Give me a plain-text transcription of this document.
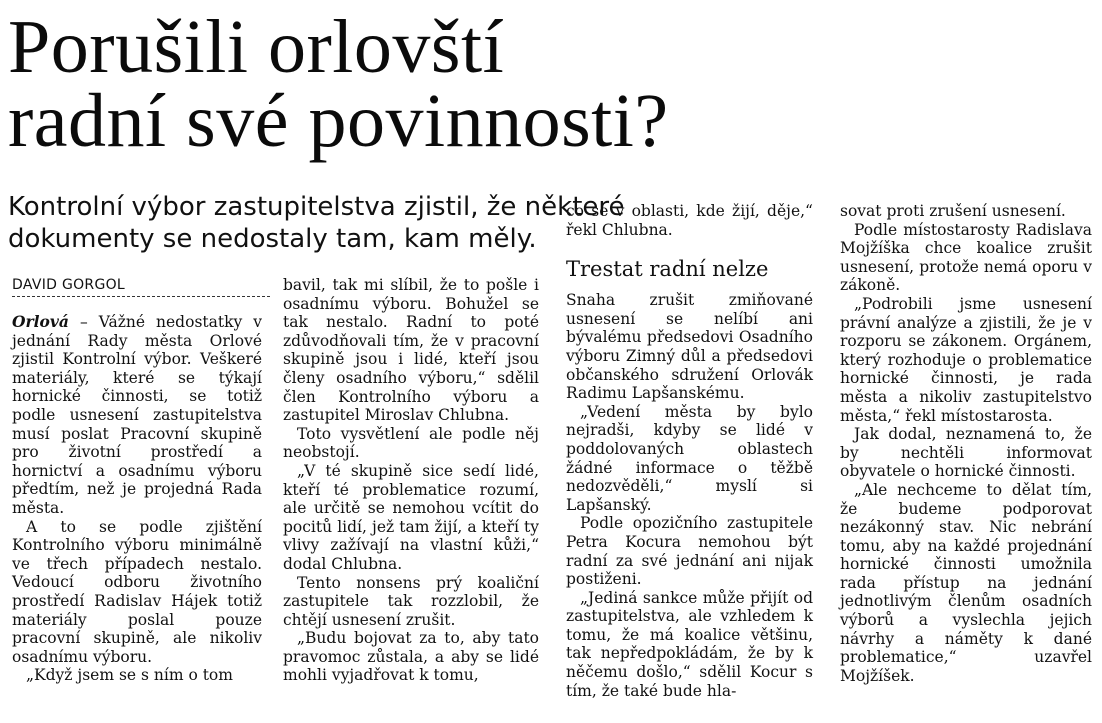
Porušili orlovští
radní své povinnosti?
Kontrolní výbor zastupitelstva zjistil, že některé
dokumenty se nedostaly tam, kam měly.
DAVID GORGOL

Orlová – Vážné nedostatky v jednání Rady města Orlové zjistil Kontrolní výbor. Veškeré materiály, které se týkají hornické činnosti, se totiž podle usnesení zastupitelstva musí poslat Pracovní skupině pro životní prostředí a hornictví a osadnímu výboru předtím, než je projedná Rada města.

A to se podle zjištění Kontrolního výboru minimálně ve třech případech nestalo. Vedoucí odboru životního prostředí Radislav Hájek totiž materiály poslal pouze pracovní skupině, ale nikoliv osadnímu výboru.

„Když jsem se s ním o tom

bavil, tak mi slíbil, že to pošle i osadnímu výboru. Bohužel se tak nestalo. Radní to poté zdůvodňovali tím, že v pracovní skupině jsou i lidé, kteří jsou členy osadního výboru,“ sdělil člen Kontrolního výboru a zastupitel Miroslav Chlubna.

Toto vysvětlení ale podle něj neobstojí.

„V té skupině sice sedí lidé, kteří té problematice rozumí, ale určitě se nemohou vcítit do pocitů lidí, jež tam žijí, a kteří ty vlivy zažívají na vlastní kůži,“ dodal Chlubna.

Tento nonsens prý koaliční zastupitele tak rozzlobil, že chtějí usnesení zrušit.

„Budu bojovat za to, aby tato pravomoc zůstala, a aby se lidé mohli vyjadřovat k tomu,

co se v oblasti, kde žijí, děje,“ řekl Chlubna.

Trestat radní nelze

Snaha zrušit zmiňované usnesení se nelíbí ani bývalému předsedovi Osadního výboru Zimný důl a předsedovi občanského sdružení Orlovák Radimu Lapšanskému.

„Vedení města by bylo nejradši, kdyby se lidé v poddolovaných oblastech žádné informace o těžbě nedozvěděli,“ myslí si Lapšanský.

Podle opozičního zastupitele Petra Kocura nemohou být radní za své jednání ani nijak postiženi.

„Jediná sankce může přijít od zastupitelstva, ale vzhledem k tomu, že má koalice většinu, tak nepředpokládám, že by k něčemu došlo,“ sdělil Kocur s tím, že také bude hla-

sovat proti zrušení usnesení.

Podle místostarosty Radislava Mojžíška chce koalice zrušit usnesení, protože nemá oporu v zákoně.

„Podrobili jsme usnesení právní analýze a zjistili, že je v rozporu se zákonem. Orgánem, který rozhoduje o problematice hornické činnosti, je rada města a nikoliv zastupitelstvo města,“ řekl místostarosta.

Jak dodal, neznamená to, že by nechtěli informovat obyvatele o hornické činnosti.

„Ale nechceme to dělat tím, že budeme podporovat nezákonný stav. Nic nebrání tomu, aby na každé projednání hornické činnosti umožnila rada přístup na jednání jednotlivým členům osadních výborů a vyslechla jejich návrhy a náměty k dané problematice,“ uzavřel Mojžíšek.
